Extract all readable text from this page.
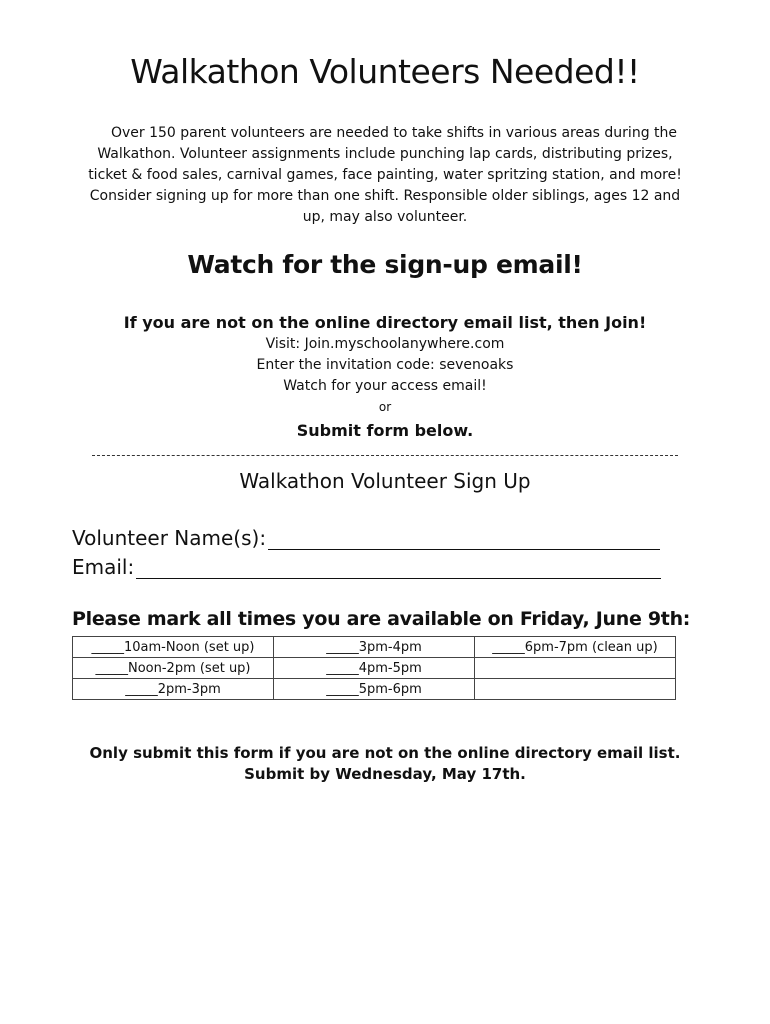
Walkathon Volunteers Needed!!
Over 150 parent volunteers are needed to take shifts in various areas during the
Walkathon. Volunteer assignments include punching lap cards, distributing prizes,
ticket & food sales, carnival games, face painting, water spritzing station, and more!
Consider signing up for more than one shift. Responsible older siblings, ages 12 and
up, may also volunteer.
Watch for the sign-up email!
If you are not on the online directory email list, then Join!
Visit: Join.myschoolanywhere.com
Enter the invitation code: sevenoaks
Watch for your access email!
or
Submit form below.
Walkathon Volunteer Sign Up
Volunteer Name(s):
Email:
Please mark all times you are available on Friday, June 9th:
_____10am-Noon (set up)	_____3pm-4pm	_____6pm-7pm (clean up)
_____Noon-2pm (set up)	_____4pm-5pm	
_____2pm-3pm	_____5pm-6pm	
Only submit this form if you are not on the online directory email list.
Submit by Wednesday, May 17th.
